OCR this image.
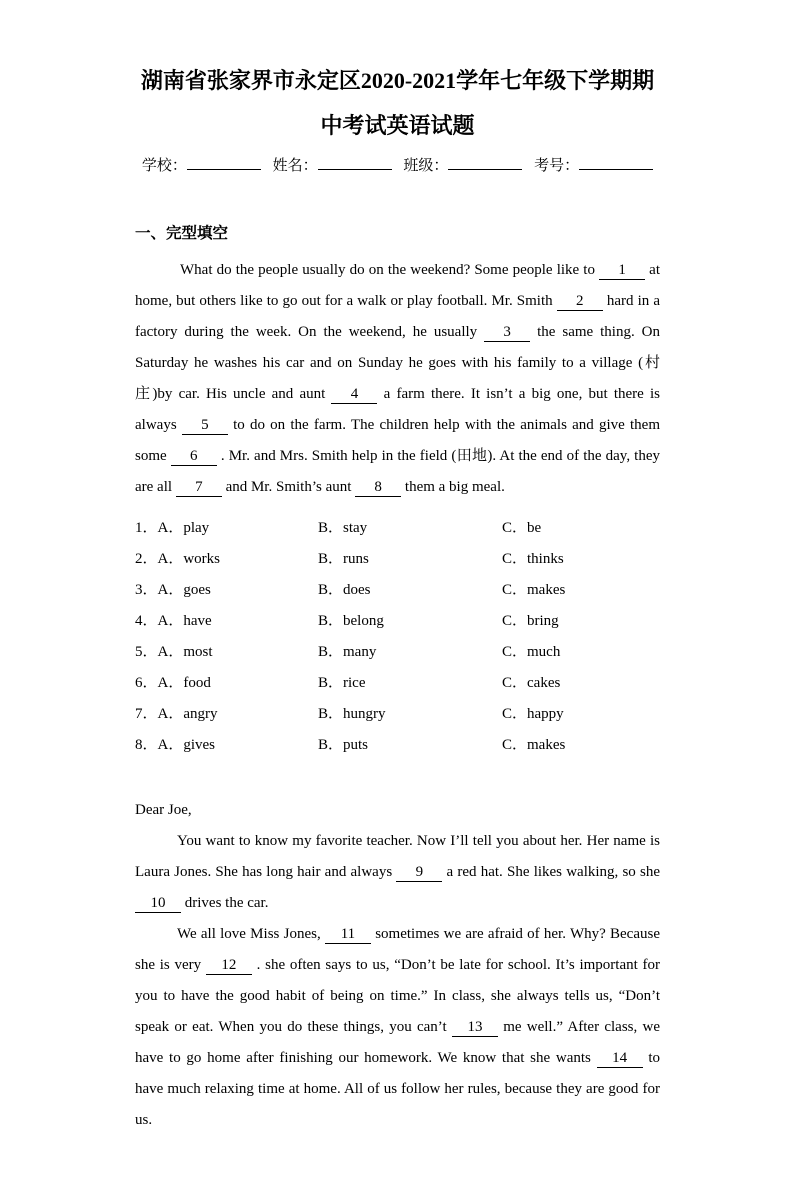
湖南省张家界市永定区2020-2021学年七年级下学期期中考试英语试题
学校：	姓名：	班级：	考号：
一、完型填空

What do the people usually do on the weekend? Some people like to 1 at home, but others like to go out for a walk or play football. Mr. Smith 2 hard in a factory during the week. On the weekend, he usually 3 the same thing. On Saturday he washes his car and on Sunday he goes with his family to a village (村庄)by car. His uncle and aunt 4 a farm there. It isn’t a big one, but there is always 5 to do on the farm. The children help with the animals and give them some 6 . Mr. and Mrs. Smith help in the field (田地). At the end of the day, they are all 7 and Mr. Smith’s aunt 8 them a big meal.

1．A．play	B．stay	C．be
2．A．works	B．runs	C．thinks
3．A．goes	B．does	C．makes
4．A．have	B．belong	C．bring
5．A．most	B．many	C．much
6．A．food	B．rice	C．cakes
7．A．angry	B．hungry	C．happy
8．A．gives	B．puts	C．makes

Dear Joe,

You want to know my favorite teacher. Now I’ll tell you about her. Her name is Laura Jones. She has long hair and always 9 a red hat. She likes walking, so she 10 drives the car.

We all love Miss Jones, 11 sometimes we are afraid of her. Why? Because she is very 12 . she often says to us, “Don’t be late for school. It’s important for you to have the good habit of being on time.” In class, she always tells us, “Don’t speak or eat. When you do these things, you can’t 13 me well.” After class, we have to go home after finishing our homework. We know that she wants 14 to have much relaxing time at home. All of us follow her rules, because they are good for us.
